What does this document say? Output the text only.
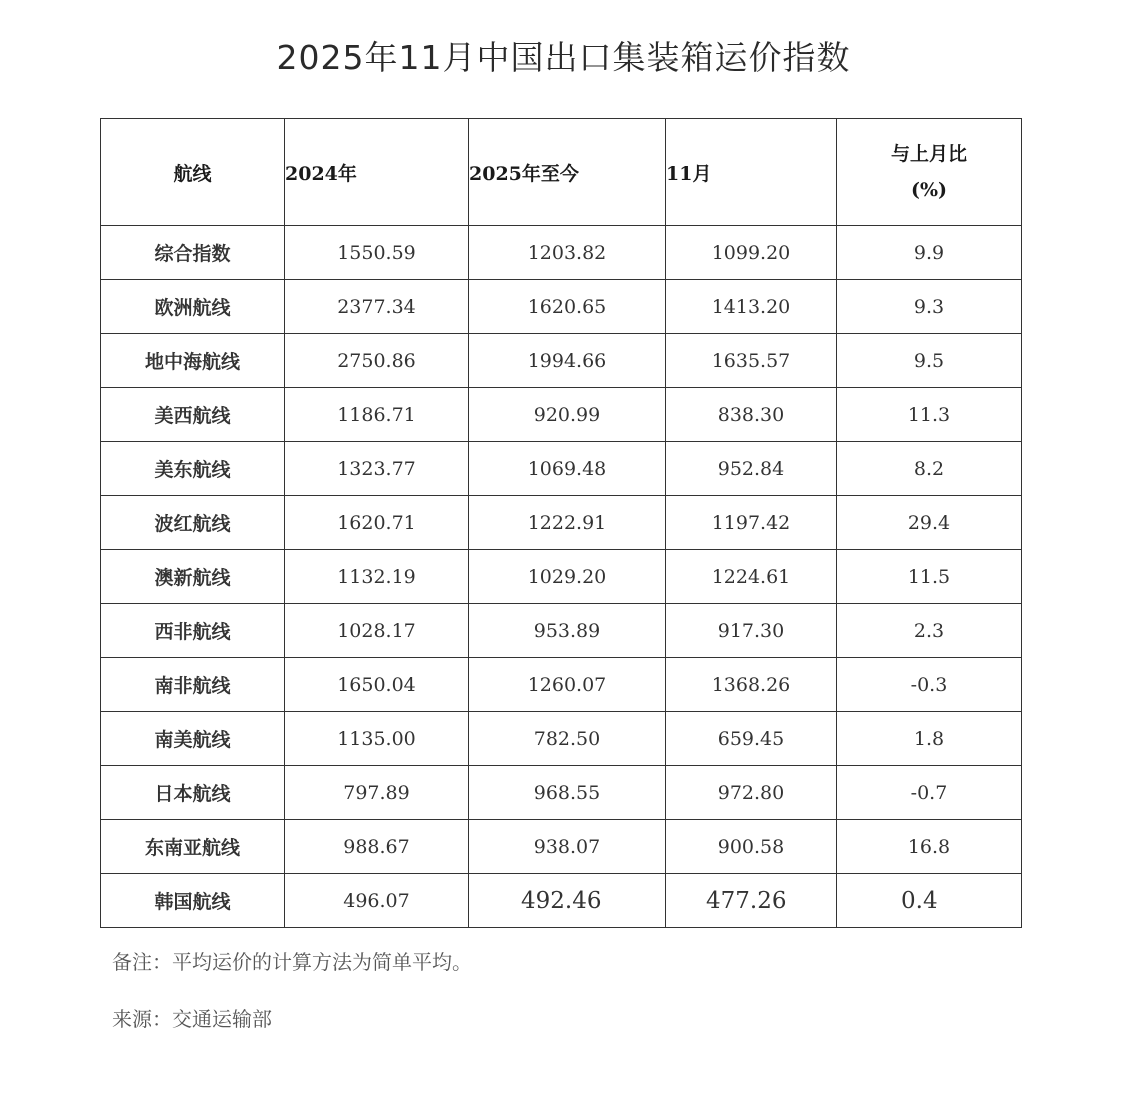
2025年11月中国出口集装箱运价指数
航线	2024年	2025年至今	11月	与上月比
(%)

综合指数	1550.59	1203.82	1099.20	9.9
欧洲航线	2377.34	1620.65	1413.20	9.3
地中海航线	2750.86	1994.66	1635.57	9.5
美西航线	1186.71	920.99	838.30	11.3
美东航线	1323.77	1069.48	952.84	8.2
波红航线	1620.71	1222.91	1197.42	29.4
澳新航线	1132.19	1029.20	1224.61	11.5
西非航线	1028.17	953.89	917.30	2.3
南非航线	1650.04	1260.07	1368.26	-0.3
南美航线	1135.00	782.50	659.45	1.8
日本航线	797.89	968.55	972.80	-0.7
东南亚航线	988.67	938.07	900.58	16.8
韩国航线	496.07	492.46	477.26	0.4
备注：平均运价的计算方法为简单平均。
来源：交通运输部
